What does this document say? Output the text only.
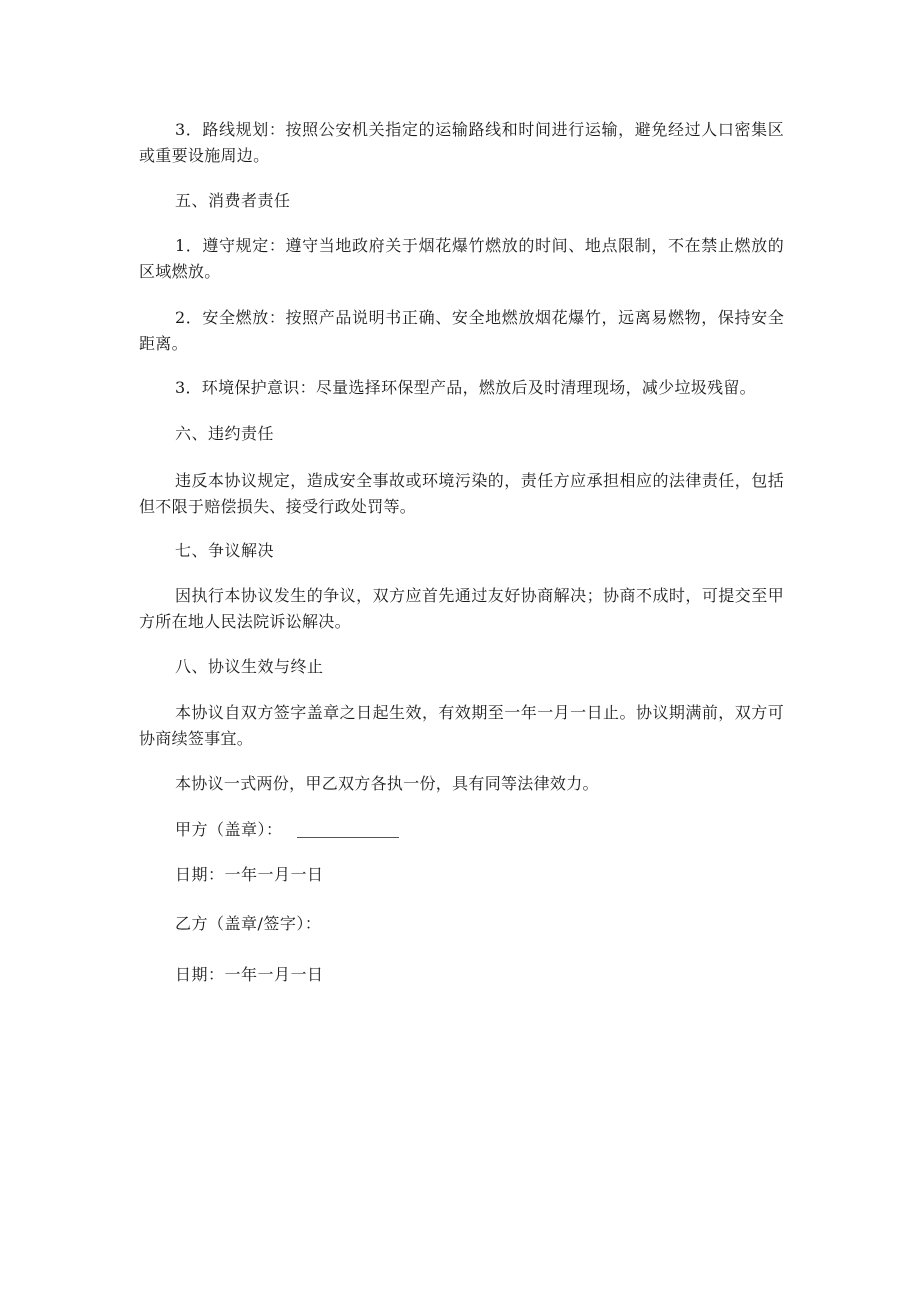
3．路线规划：按照公安机关指定的运输路线和时间进行运输，避免经过人口密集区或重要设施周边。

五、消费者责任

1．遵守规定：遵守当地政府关于烟花爆竹燃放的时间、地点限制，不在禁止燃放的区域燃放。

2．安全燃放：按照产品说明书正确、安全地燃放烟花爆竹，远离易燃物，保持安全距离。

3．环境保护意识：尽量选择环保型产品，燃放后及时清理现场，减少垃圾残留。

六、违约责任

违反本协议规定，造成安全事故或环境污染的，责任方应承担相应的法律责任，包括但不限于赔偿损失、接受行政处罚等。

七、争议解决

因执行本协议发生的争议，双方应首先通过友好协商解决；协商不成时，可提交至甲方所在地人民法院诉讼解决。

八、协议生效与终止

本协议自双方签字盖章之日起生效，有效期至一年一月一日止。协议期满前，双方可协商续签事宜。

本协议一式两份，甲乙双方各执一份，具有同等法律效力。

甲方（盖章）：

日期：一年一月一日

乙方（盖章/签字）：

日期：一年一月一日
